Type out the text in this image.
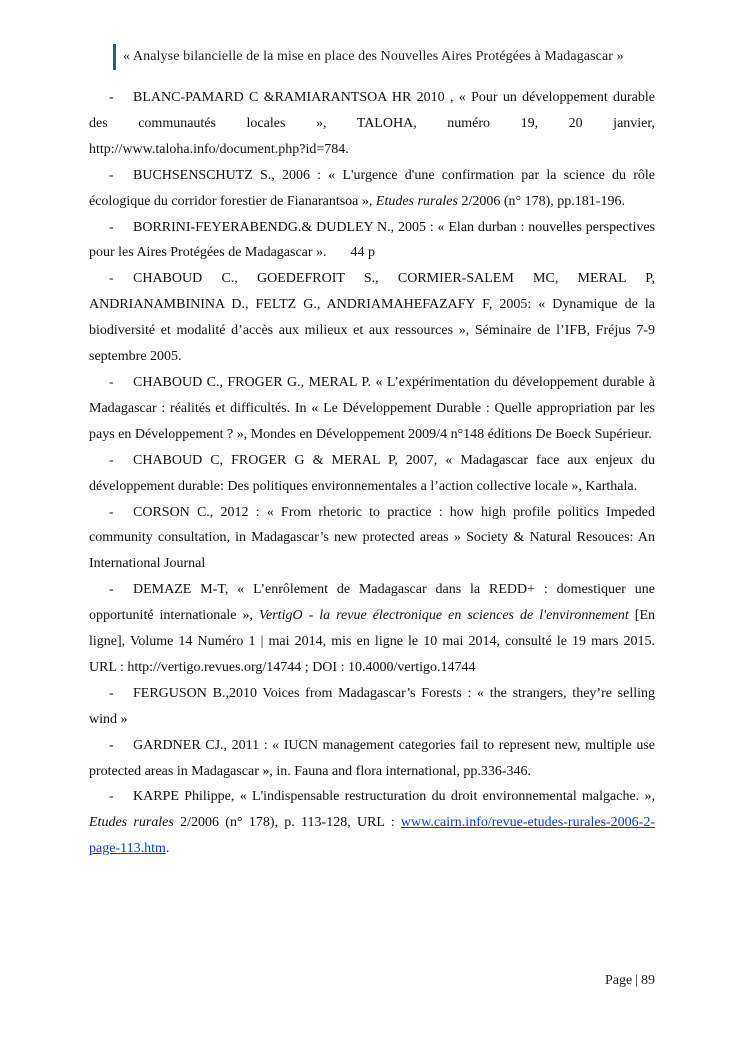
« Analyse bilancielle de la mise en place des Nouvelles Aires Protégées à Madagascar »

- BLANC-PAMARD C &RAMIARANTSOA HR 2010 , « Pour un développement durable des communautés locales », TALOHA, numéro 19, 20 janvier, http://www.taloha.info/document.php?id=784.

- BUCHSENSCHUTZ S., 2006 : « L'urgence d'une confirmation par la science du rôle écologique du corridor forestier de Fianarantsoa », Etudes rurales 2/2006 (n° 178), pp.181-196.

- BORRINI-FEYERABENDG.& DUDLEY N., 2005 : « Elan durban : nouvelles perspectives pour les Aires Protégées de Madagascar ». 44 p

- CHABOUD C., GOEDEFROIT S., CORMIER-SALEM MC, MERAL P, ANDRIANAMBININA D., FELTZ G., ANDRIAMAHEFAZAFY F, 2005: « Dynamique de la biodiversité et modalité d’accès aux milieux et aux ressources », Séminaire de l’IFB, Fréjus 7-9 septembre 2005.

- CHABOUD C., FROGER G., MERAL P. « L’expérimentation du développement durable à Madagascar : réalités et difficultés. In « Le Développement Durable : Quelle appropriation par les pays en Développement ? », Mondes en Développement 2009/4 n°148 éditions De Boeck Supérieur.

- CHABOUD C, FROGER G & MERAL P, 2007, « Madagascar face aux enjeux du développement durable: Des politiques environnementales a l’action collective locale », Karthala.

- CORSON C., 2012 : « From rhetoric to practice : how high profile politics Impeded community consultation, in Madagascar’s new protected areas » Society & Natural Resouces: An International Journal

- DEMAZE M-T, « L’enrôlement de Madagascar dans la REDD+ : domestiquer une opportunité internationale », VertigO - la revue électronique en sciences de l'environnement [En ligne], Volume 14 Numéro 1 | mai 2014, mis en ligne le 10 mai 2014, consulté le 19 mars 2015. URL : http://vertigo.revues.org/14744 ; DOI : 10.4000/vertigo.14744

- FERGUSON B.,2010 Voices from Madagascar’s Forests : « the strangers, they’re selling wind »

- GARDNER CJ., 2011 : « IUCN management categories fail to represent new, multiple use protected areas in Madagascar », in. Fauna and flora international, pp.336-346.

- KARPE Philippe, « L'indispensable restructuration du droit environnemental malgache. », Etudes rurales 2/2006 (n° 178), p. 113-128, URL : www.cairn.info/revue-etudes-rurales-2006-2-page-113.htm.

Page | 89
